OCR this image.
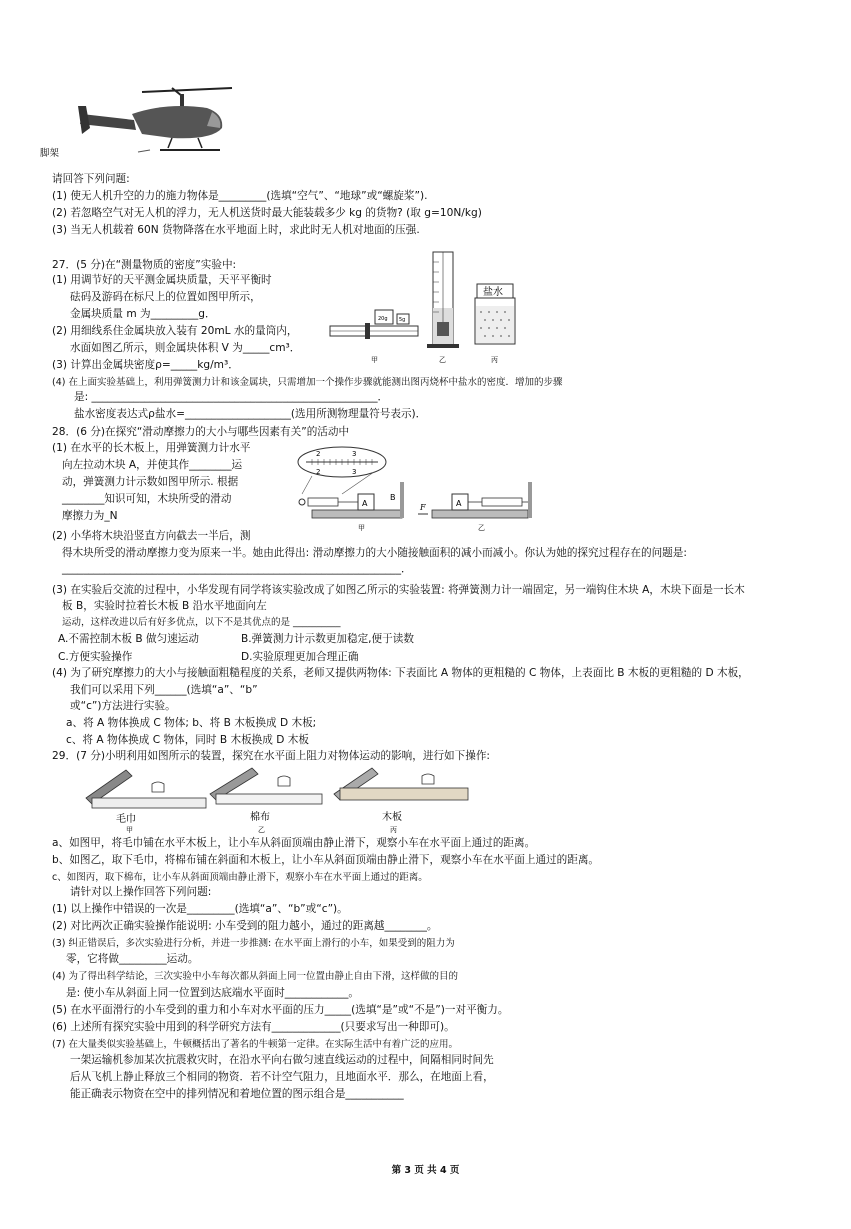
脚架
请回答下列问题:
(1) 使无人机升空的力的施力物体是_________(选填“空气”、“地球”或“螺旋桨”).
(2) 若忽略空气对无人机的浮力，无人机送货时最大能装载多少 kg 的货物? (取 g=10N/kg)
(3) 当无人机载着 60N 货物降落在水平地面上时，求此时无人机对地面的压强.
27．(5 分)在“测量物质的密度”实验中:
(1) 用调节好的天平测金属块质量，天平平衡时
砝码及游码在标尺上的位置如图甲所示，
金属块质量 m 为_________g．
(2) 用细线系住金属块放入装有 20mL 水的量筒内，
水面如图乙所示，则金属块体积 V 为_____cm³．
(3) 计算出金属块密度ρ=_____kg/m³．
(4) 在上面实验基础上，利用弹簧测力计和该金属块，只需增加一个操作步骤就能测出图丙烧杯中盐水的密度．增加的步骤
是: ______________________________________________________．
盐水密度表达式ρ盐水=____________________(选用所测物理量符号表示)．
20g 5g
盐水
甲	乙	丙
28．(6 分)在探究“滑动摩擦力的大小与哪些因素有关”的活动中
(1) 在水平的长木板上，用弹簧测力计水平
向左拉动木块 A，并使其作________运
动，弹簧测力计示数如图甲所示. 根据
________知识可知，木块所受的滑动
摩擦力为_N
(2) 小华将木块沿竖直方向截去一半后，测
得木块所受的滑动摩擦力变为原来一半。她由此得出: 滑动摩擦力的大小随接触面积的减小而减小。你认为她的探究过程存在的问题是:
________________________________________________________________．
2	3
2	3
A
B
A
F
甲	乙
(3) 在实验后交流的过程中，小华发现有同学将该实验改成了如图乙所示的实验装置: 将弹簧测力计一端固定，另一端钩住木块 A，木块下面是一长木
板 B，实验时拉着长木板 B 沿水平地面向左
运动，这样改进以后有好多优点，以下不是其优点的是 __________
A.不需控制木板 B 做匀速运动	B.弹簧测力计示数更加稳定,便于读数
C.方便实验操作	D.实验原理更加合理正确
(4) 为了研究摩擦力的大小与接触面粗糙程度的关系，老师又提供两物体: 下表面比 A 物体的更粗糙的 C 物体，上表面比 B 木板的更粗糙的 D 木板，
我们可以采用下列______(选填“a”、“b”
或“c”)方法进行实验。
a、将 A 物体换成 C 物体; b、将 B 木板换成 D 木板;
c、将 A 物体换成 C 物体，同时 B 木板换成 D 木板
29．(7 分)小明利用如图所示的装置，探究在水平面上阻力对物体运动的影响，进行如下操作:
毛巾
甲
棉布
乙
木板
丙
a、如图甲，将毛巾铺在水平木板上，让小车从斜面顶端由静止滑下，观察小车在水平面上通过的距离。
b、如图乙，取下毛巾，将棉布铺在斜面和木板上，让小车从斜面顶端由静止滑下，观察小车在水平面上通过的距离。
c、如图丙，取下棉布，让小车从斜面顶端由静止滑下，观察小车在水平面上通过的距离。
请针对以上操作回答下列问题:
(1) 以上操作中错误的一次是_________(选填“a”、“b”或“c”)。
(2) 对比两次正确实验操作能说明: 小车受到的阻力越小，通过的距离越________。
(3) 纠正错误后，多次实验进行分析，并进一步推测: 在水平面上滑行的小车，如果受到的阻力为
零，它将做_________运动。
(4) 为了得出科学结论，三次实验中小车每次都从斜面上同一位置由静止自由下滑，这样做的目的
是: 使小车从斜面上同一位置到达底端水平面时____________。
(5) 在水平面滑行的小车受到的重力和小车对水平面的压力_____(选填“是”或“不是”)一对平衡力。
(6) 上述所有探究实验中用到的科学研究方法有_____________(只要求写出一种即可)。
(7) 在大量类似实验基础上，牛顿概括出了著名的牛顿第一定律。在实际生活中有着广泛的应用。
一架运输机参加某次抗震救灾时，在沿水平向右做匀速直线运动的过程中，间隔相同时间先
后从飞机上静止释放三个相同的物资．若不计空气阻力，且地面水平．那么，在地面上看，
能正确表示物资在空中的排列情况和着地位置的图示组合是___________
第 3 页 共 4 页
